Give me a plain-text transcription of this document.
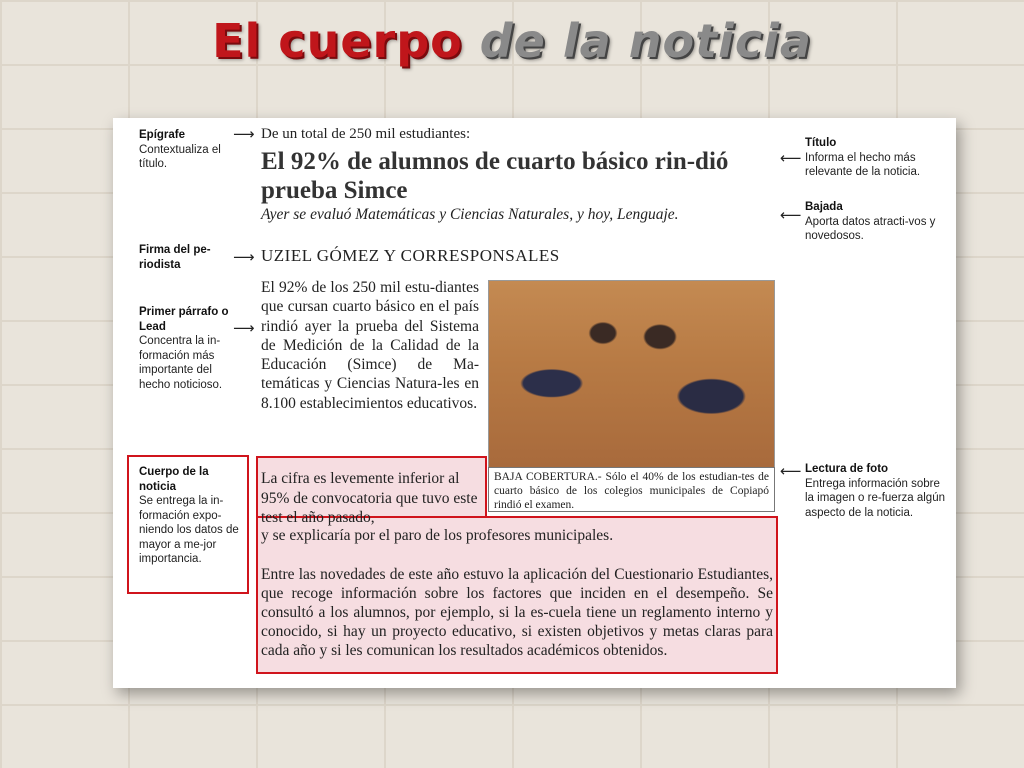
El cuerpo de la noticia
Epígrafe
Contextualiza el título.
⟶
Firma del pe-riodista	⟶
Primer párrafo o Lead
Concentra la in-formación más importante del hecho noticioso.
⟶
Cuerpo de la noticia
Se entrega la in-formación expo-niendo los datos de mayor a me-jor importancia.
⟵
Título
Informa el hecho más relevante de la noticia.
⟵ Bajada
Aporta datos atracti-vos y novedosos.
⟵ Lectura de foto
Entrega información sobre la imagen o re-fuerza algún aspecto de la noticia.
De un total de 250 mil estudiantes:
El 92% de alumnos de cuarto básico rin-dió prueba Simce
Ayer se evaluó Matemáticas y Ciencias Naturales, y hoy, Lenguaje.
UZIEL GÓMEZ Y CORRESPONSALES
El 92% de los 250 mil estu-diantes que cursan cuarto básico en el país rindió ayer la prueba del Sistema de Medición de la Calidad de la Educación (Simce) de Ma-temáticas y Ciencias Natura-les en 8.100 establecimientos educativos.
BAJA COBERTURA.- Sólo el 40% de los estudian-tes de cuarto básico de los colegios municipales de Copiapó rindió el examen.
La cifra es levemente inferior al 95% de convocatoria que tuvo este test el año pasado,
y se explicaría por el paro de los profesores municipales.
Entre las novedades de este año estuvo la aplicación del Cuestionario Estudiantes, que recoge información sobre los factores que inciden en el desempeño. Se consultó a los alumnos, por ejemplo, si la es-cuela tiene un reglamento interno y conocido, si hay un proyecto educativo, si existen objetivos y metas claras para cada año y si les comunican los resultados académicos obtenidos.
